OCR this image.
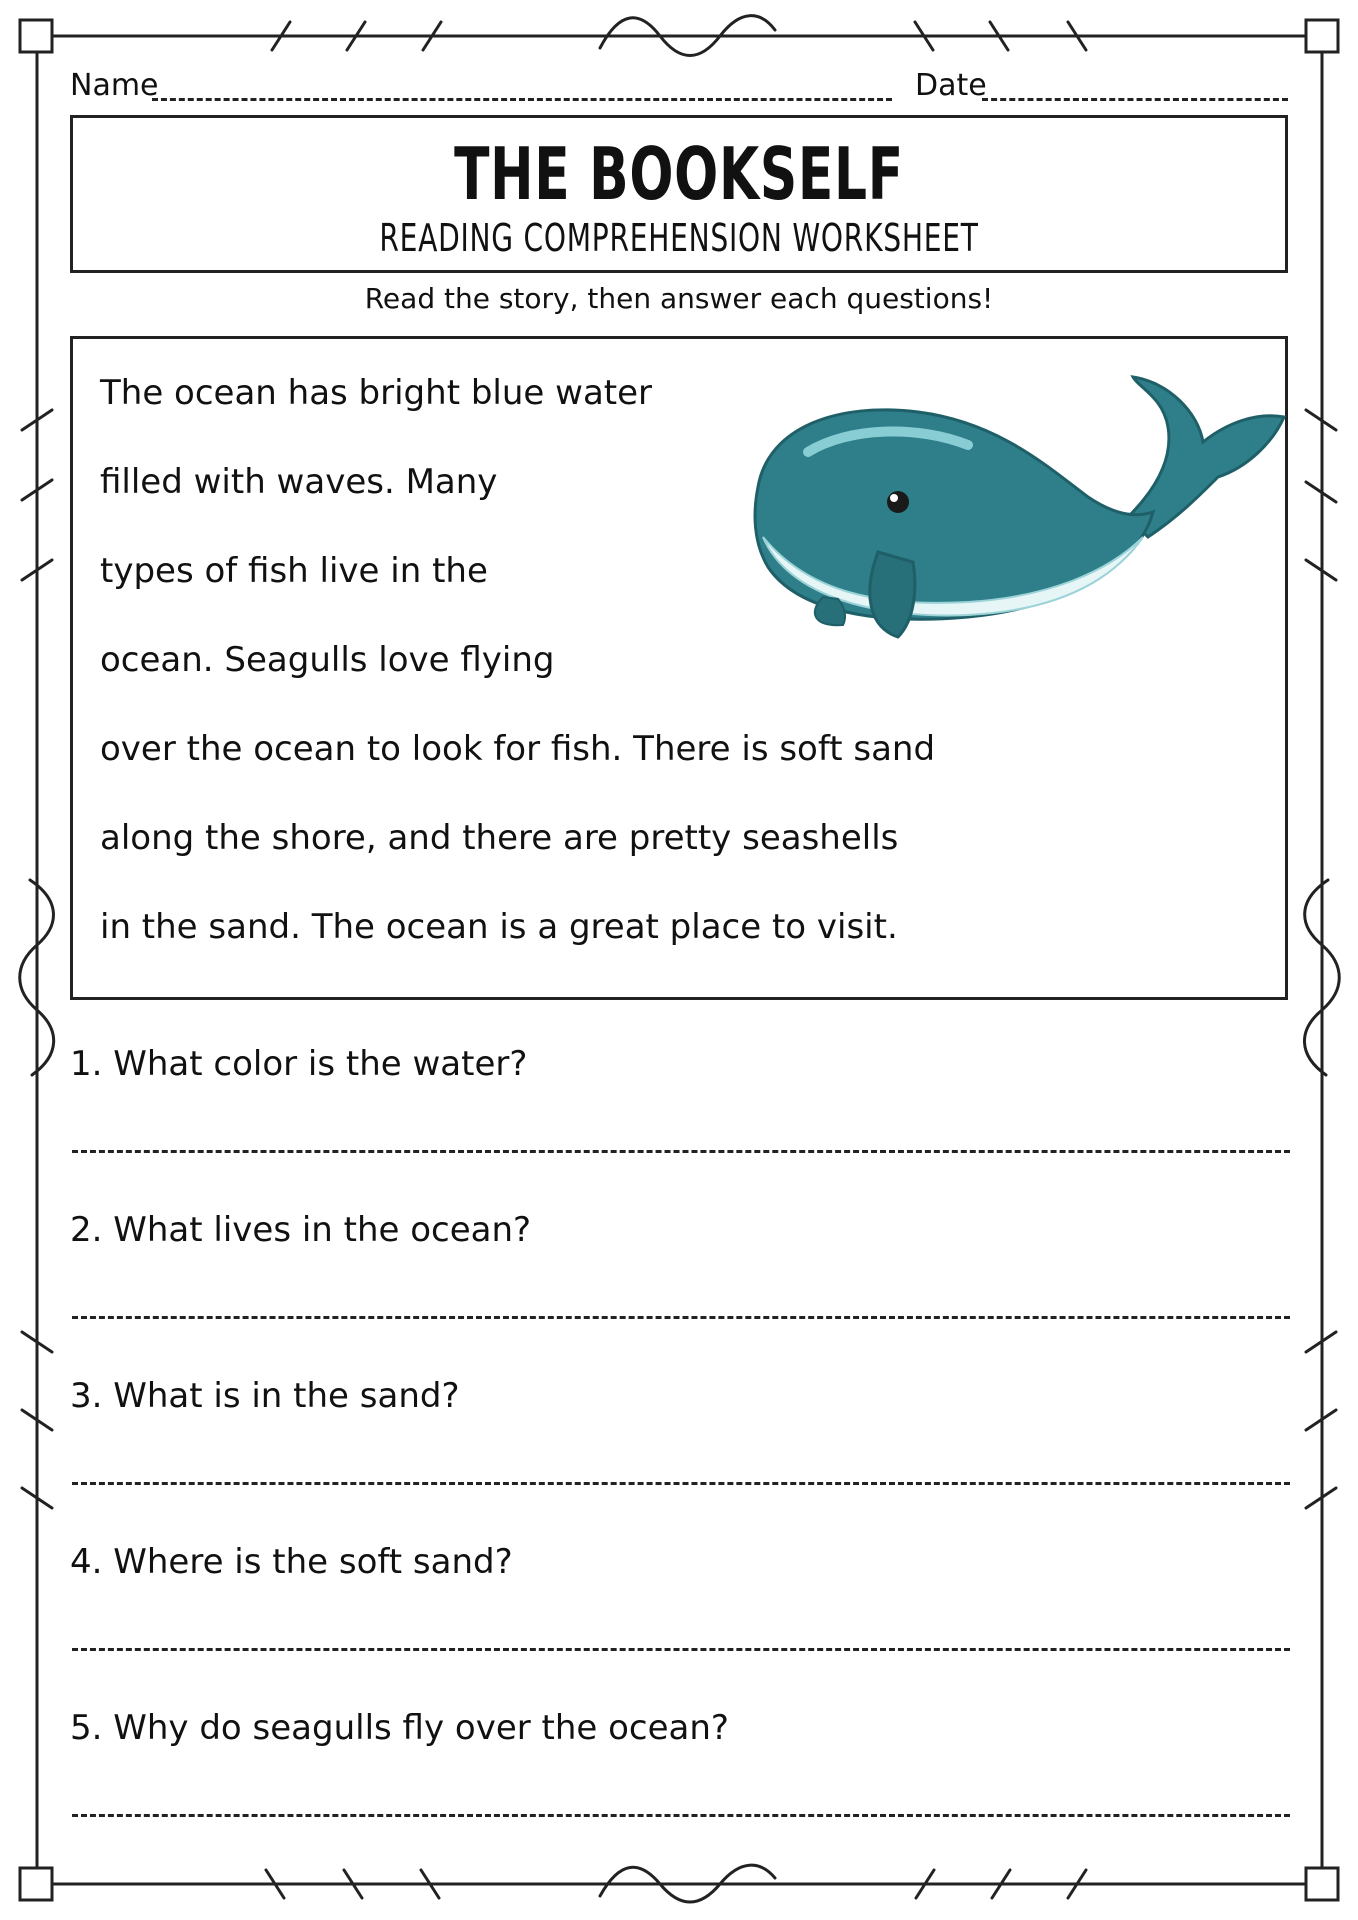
Name	Date
THE BOOKSELF
READING COMPREHENSION WORKSHEET
Read the story, then answer each questions!
The ocean has bright blue water
filled with waves. Many
types of fish live in the
ocean. Seagulls love flying
over the ocean to look for fish. There is soft sand
along the shore, and there are pretty seashells
in the sand. The ocean is a great place to visit.
1. What color is the water?
2. What lives in the ocean?
3. What is in the sand?
4. Where is the soft sand?
5. Why do seagulls fly over the ocean?
